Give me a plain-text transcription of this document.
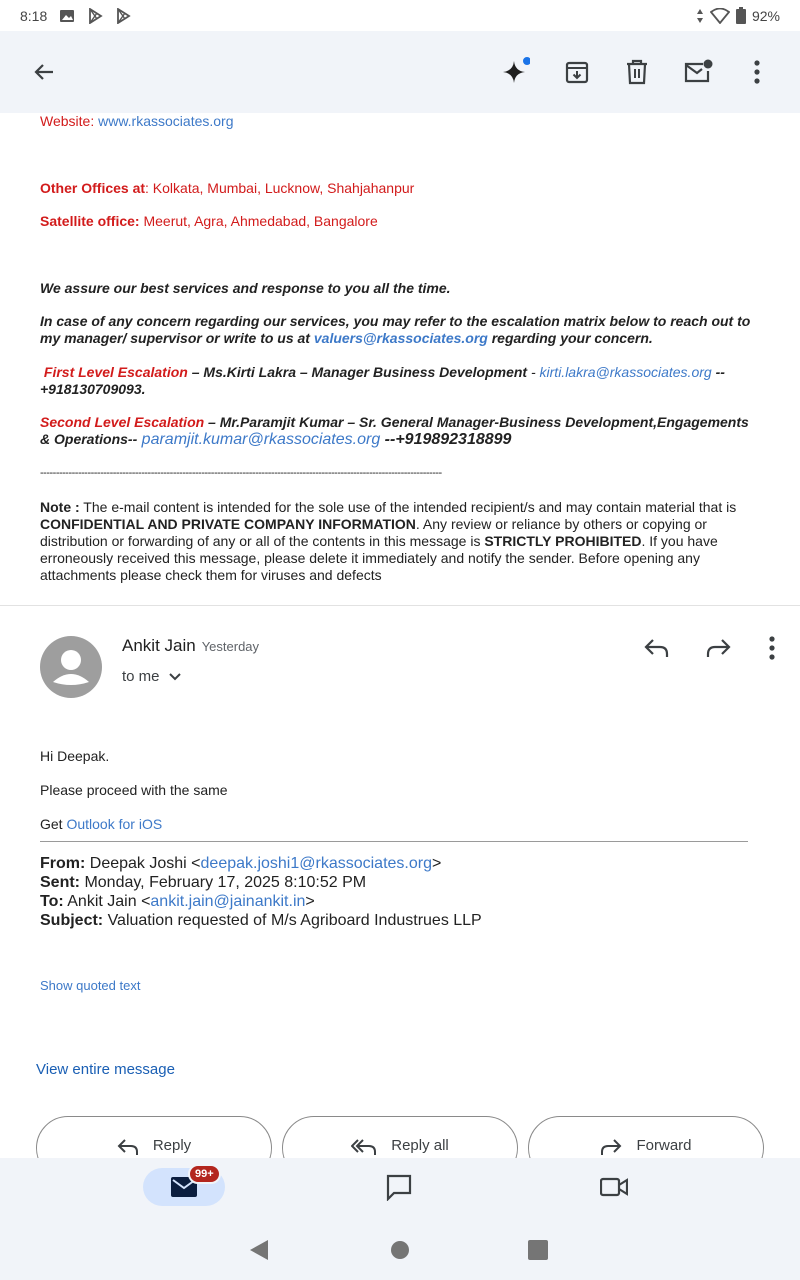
8:18	92%
Website: www.rkassociates.org
Other Offices at: Kolkata, Mumbai, Lucknow, Shahjahanpur
Satellite office: Meerut, Agra, Ahmedabad, Bangalore
We assure our best services and response to you all the time.
In case of any concern regarding our services, you may refer to the escalation matrix below to reach out to my manager/ supervisor or write to us at valuers@rkassociates.org regarding your concern.
First Level Escalation – Ms.Kirti Lakra – Manager Business Development - kirti.lakra@rkassociates.org --+918130709093.
Second Level Escalation – Mr.Paramjit Kumar – Sr. General Manager-Business Development,Engagements & Operations-- paramjit.kumar@rkassociates.org --+919892318899
-------------------------------------------------------------------------------------------------------------------------------
Note : The e-mail content is intended for the sole use of the intended recipient/s and may contain material that is CONFIDENTIAL AND PRIVATE COMPANY INFORMATION. Any review or reliance by others or copying or distribution or forwarding of any or all of the contents in this message is STRICTLY PROHIBITED. If you have erroneously received this message, please delete it immediately and notify the sender. Before opening any attachments please check them for viruses and defects
Ankit Jain Yesterday
to me
Hi Deepak.
Please proceed with the same
Get Outlook for iOS
From: Deepak Joshi <deepak.joshi1@rkassociates.org>
Sent: Monday, February 17, 2025 8:10:52 PM
To: Ankit Jain <ankit.jain@jainankit.in>
Subject: Valuation requested of M/s Agriboard Industrues LLP
Show quoted text
View entire message
Reply	Reply all	Forward
99+
